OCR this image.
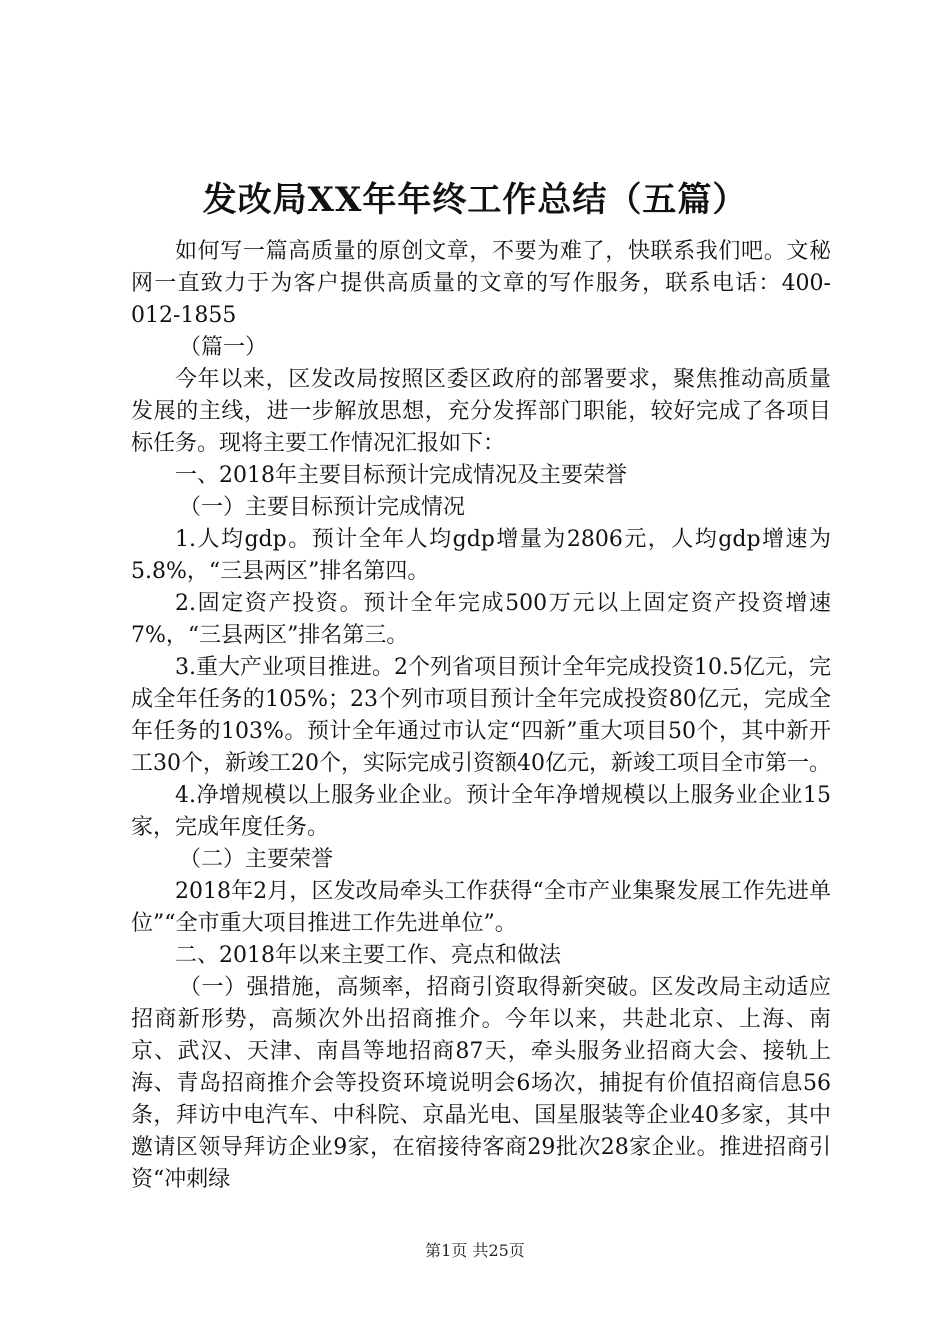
发改局XX年年终工作总结（五篇）

如何写一篇高质量的原创文章，不要为难了，快联系我们吧。文秘网一直致力于为客户提供高质量的文章的写作服务，联系电话：400-012-1855

（篇一）

今年以来，区发改局按照区委区政府的部署要求，聚焦推动高质量发展的主线，进一步解放思想，充分发挥部门职能，较好完成了各项目标任务。现将主要工作情况汇报如下：

一、2018年主要目标预计完成情况及主要荣誉

（一）主要目标预计完成情况

1.人均gdp。预计全年人均gdp增量为2806元，人均gdp增速为5.8%，“三县两区”排名第四。

2.固定资产投资。预计全年完成500万元以上固定资产投资增速7%，“三县两区”排名第三。

3.重大产业项目推进。2个列省项目预计全年完成投资10.5亿元，完成全年任务的105%；23个列市项目预计全年完成投资80亿元，完成全年任务的103%。预计全年通过市认定“四新”重大项目50个，其中新开工30个，新竣工20个，实际完成引资额40亿元，新竣工项目全市第一。

4.净增规模以上服务业企业。预计全年净增规模以上服务业企业15家，完成年度任务。

（二）主要荣誉

2018年2月，区发改局牵头工作获得“全市产业集聚发展工作先进单位”“全市重大项目推进工作先进单位”。

二、2018年以来主要工作、亮点和做法

（一）强措施，高频率，招商引资取得新突破。区发改局主动适应招商新形势，高频次外出招商推介。今年以来，共赴北京、上海、南京、武汉、天津、南昌等地招商87天，牵头服务业招商大会、接轨上海、青岛招商推介会等投资环境说明会6场次，捕捉有价值招商信息56条，拜访中电汽车、中科院、京晶光电、国星服装等企业40多家，其中邀请区领导拜访企业9家，在宿接待客商29批次28家企业。推进招商引资“冲刺绿

第1页 共25页
